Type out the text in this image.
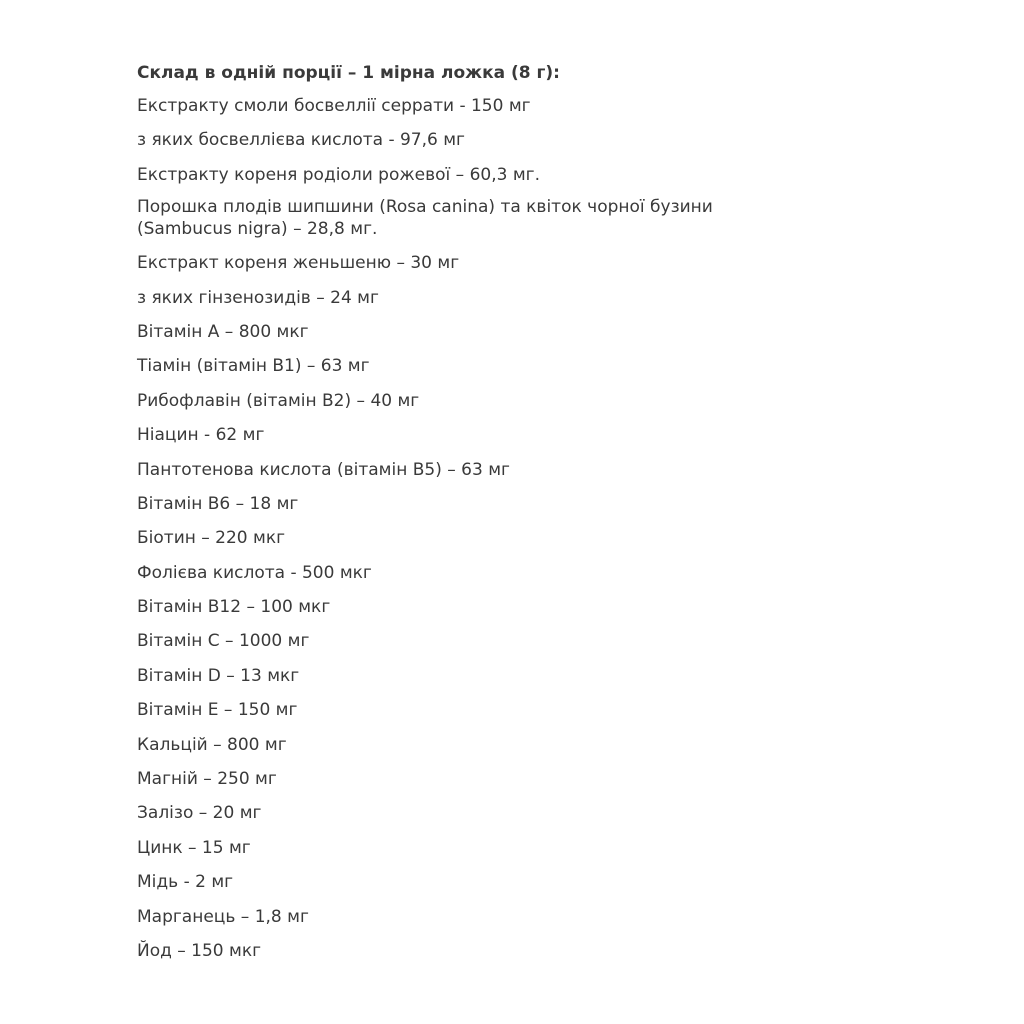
Склад в одній порції – 1 мірна ложка (8 г):
Екстракту смоли босвеллії серрати - 150 мг
з яких босвеллієва кислота - 97,6 мг
Екстракту кореня родіоли рожевої – 60,3 мг.
Порошка плодів шипшини (Rosa canina) та квіток чорної бузини
(Sambucus nigra) – 28,8 мг.
Екстракт кореня женьшеню – 30 мг
з яких гінзенозидів – 24 мг
Вітамін А – 800 мкг
Тіамін (вітамін В1) – 63 мг
Рибофлавін (вітамін В2) – 40 мг
Ніацин - 62 мг
Пантотенова кислота (вітамін В5) – 63 мг
Вітамін В6 – 18 мг
Біотин – 220 мкг
Фолієва кислота - 500 мкг
Вітамін В12 – 100 мкг
Вітамін С – 1000 мг
Вітамін D – 13 мкг
Вітамін Е – 150 мг
Кальцій – 800 мг
Магній – 250 мг
Залізо – 20 мг
Цинк – 15 мг
Мідь - 2 мг
Марганець – 1,8 мг
Йод – 150 мкг
